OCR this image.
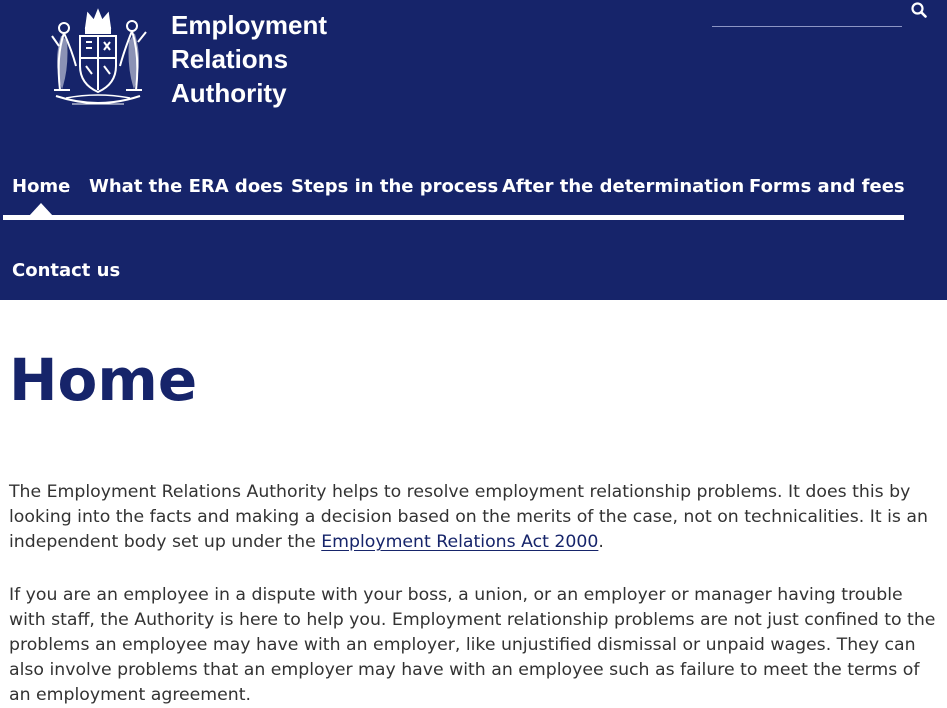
Employment
Relations
Authority
Home What the ERA does Steps in the process After the determination Forms and fees
Contact us
Home

The Employment Relations Authority helps to resolve employment relationship problems. It does this by looking into the facts and making a decision based on the merits of the case, not on technicalities. It is an independent body set up under the Employment Relations Act 2000.

If you are an employee in a dispute with your boss, a union, or an employer or manager having trouble with staff, the Authority is here to help you. Employment relationship problems are not just confined to the problems an employee may have with an employer, like unjustified dismissal or unpaid wages. They can also involve problems that an employer may have with an employee such as failure to meet the terms of an employment agreement.
